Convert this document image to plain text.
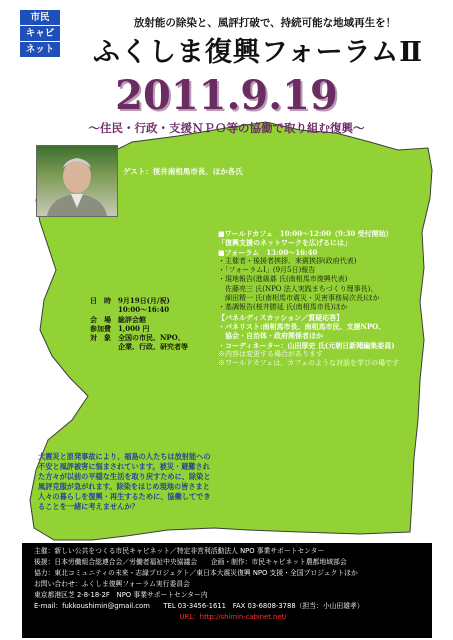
市民
キャビ
ネット
放射能の除染と、風評打破で、持続可能な地域再生を！
ふくしま復興フォーラムⅡ
2011.9.19
～住民・行政・支援ＮＰＯ等の協働で取り組む復興～
ゲスト：桜井南相馬市長、ほか各氏
日　時　9月19日(月/祝)
　　　　10:00～16:40
会　場　総評会館
参加費　1,000 円
対　象　全国の市民、NPO、
　　　　企業、行政、研究者等
■ワールドカフェ　10:00～12:00（9:30 受付開始）
「復興支援のネットワークを広げるには」
■フォーラム　13:00～16:40
・主催者・後援者挨拶、来賓挨拶(政府代表)
・「フォーラムⅠ」(9月5日)報告
・現地報告(進級碁 氏(南相馬市復興代表)
　佐藤亮三 氏(NPO 法人実践まちづくり理事長)、
　細田精一 氏(南相馬市震災・災害事務局次長)ほか
・基調報告(桜井勝延 氏(南相馬市長)ほか
【パネルディスカッション／質疑応答】
・パネリスト:南相馬市長、南相馬市民、支援NPO、
　協会・自治体・政府関係者ほか
・コーディネーター：山田厚史 氏(元朝日新聞編集委員)
※内容は変更する場合があります
※ワールドカフェは、カフェのような対話を学びの場です
大震災と原発事故により、福島の人たちは放射能への不安と風評被害に悩まされています。被災・避難された方々が以前の平穏な生活を取り戻すために、除染と風評克服が急がれます。除染をはじめ現地の皆さまと人々の暮らしを復興・再生するために、協働してできることを一緒に考えませんか？
主催：新しい公共をつくる市民キャビネット／特定非営利活動法人 NPO 事業サポートセンター
後援：日本労働組合総連合会／労働者福祉中央協議会　　企画・制作：市民キャビネット農都地域部会
協力：東北コミュニティの未来・志縁プロジェクト／東日本大震災復興 NPO 支援・全国プロジェクトほか
お問い合わせ：ふくしま復興フォーラム実行委員会
東京都港区芝 2-8-18-2F　NPO 事業サポートセンター内
E-mail：fukkoushimin@gmail.com　　TEL 03-3456-1611　FAX 03-6808-3788（担当：小山田雄孝）
URL：http://shimin-cabinet.net/
